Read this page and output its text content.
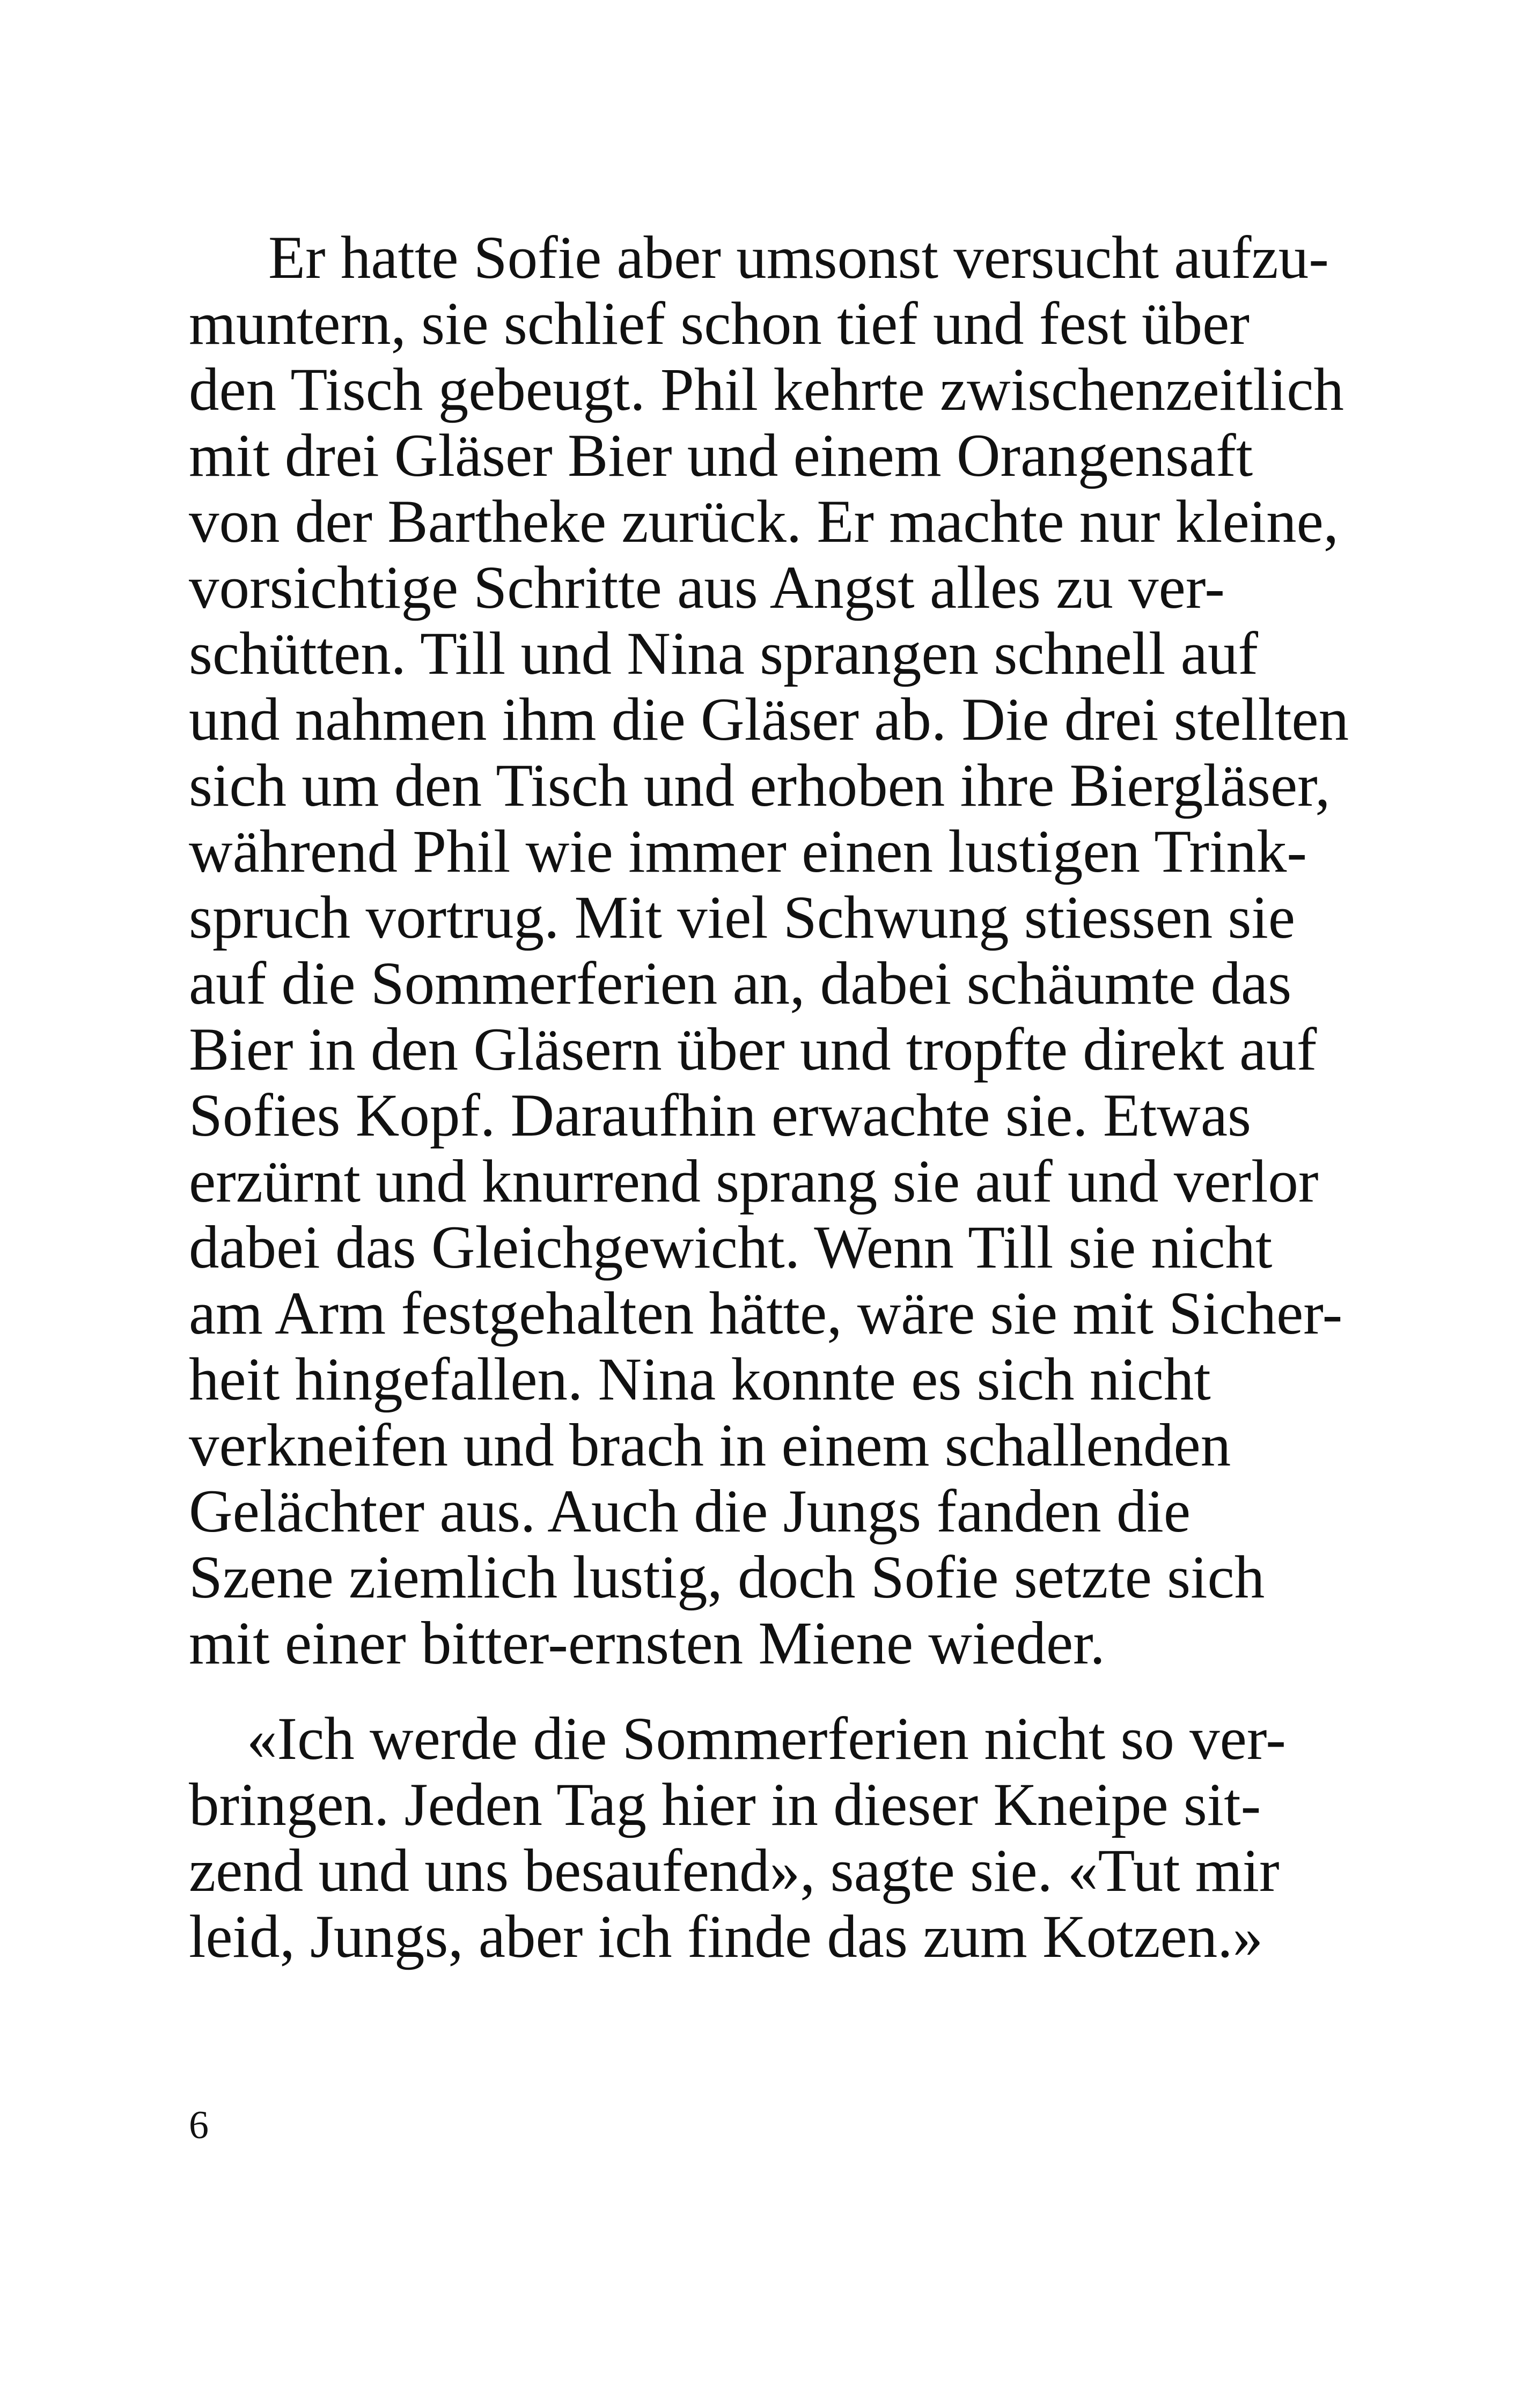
Er hatte Sofie aber umsonst versucht aufzu-
muntern, sie schlief schon tief und fest über
den Tisch gebeugt. Phil kehrte zwischenzeitlich
mit drei Gläser Bier und einem Orangensaft
von der Bartheke zurück. Er machte nur kleine,
vorsichtige Schritte aus Angst alles zu ver-
schütten. Till und Nina sprangen schnell auf
und nahmen ihm die Gläser ab. Die drei stellten
sich um den Tisch und erhoben ihre Biergläser,
während Phil wie immer einen lustigen Trink-
spruch vortrug. Mit viel Schwung stiessen sie
auf die Sommerferien an, dabei schäumte das
Bier in den Gläsern über und tropfte direkt auf
Sofies Kopf. Daraufhin erwachte sie. Etwas
erzürnt und knurrend sprang sie auf und verlor
dabei das Gleichgewicht. Wenn Till sie nicht
am Arm festgehalten hätte, wäre sie mit Sicher-
heit hingefallen. Nina konnte es sich nicht
verkneifen und brach in einem schallenden
Gelächter aus. Auch die Jungs fanden die
Szene ziemlich lustig, doch Sofie setzte sich
mit einer bitter-ernsten Miene wieder.
«Ich werde die Sommerferien nicht so ver-
bringen. Jeden Tag hier in dieser Kneipe sit-
zend und uns besaufend», sagte sie. «Tut mir
leid, Jungs, aber ich finde das zum Kotzen.»
6
